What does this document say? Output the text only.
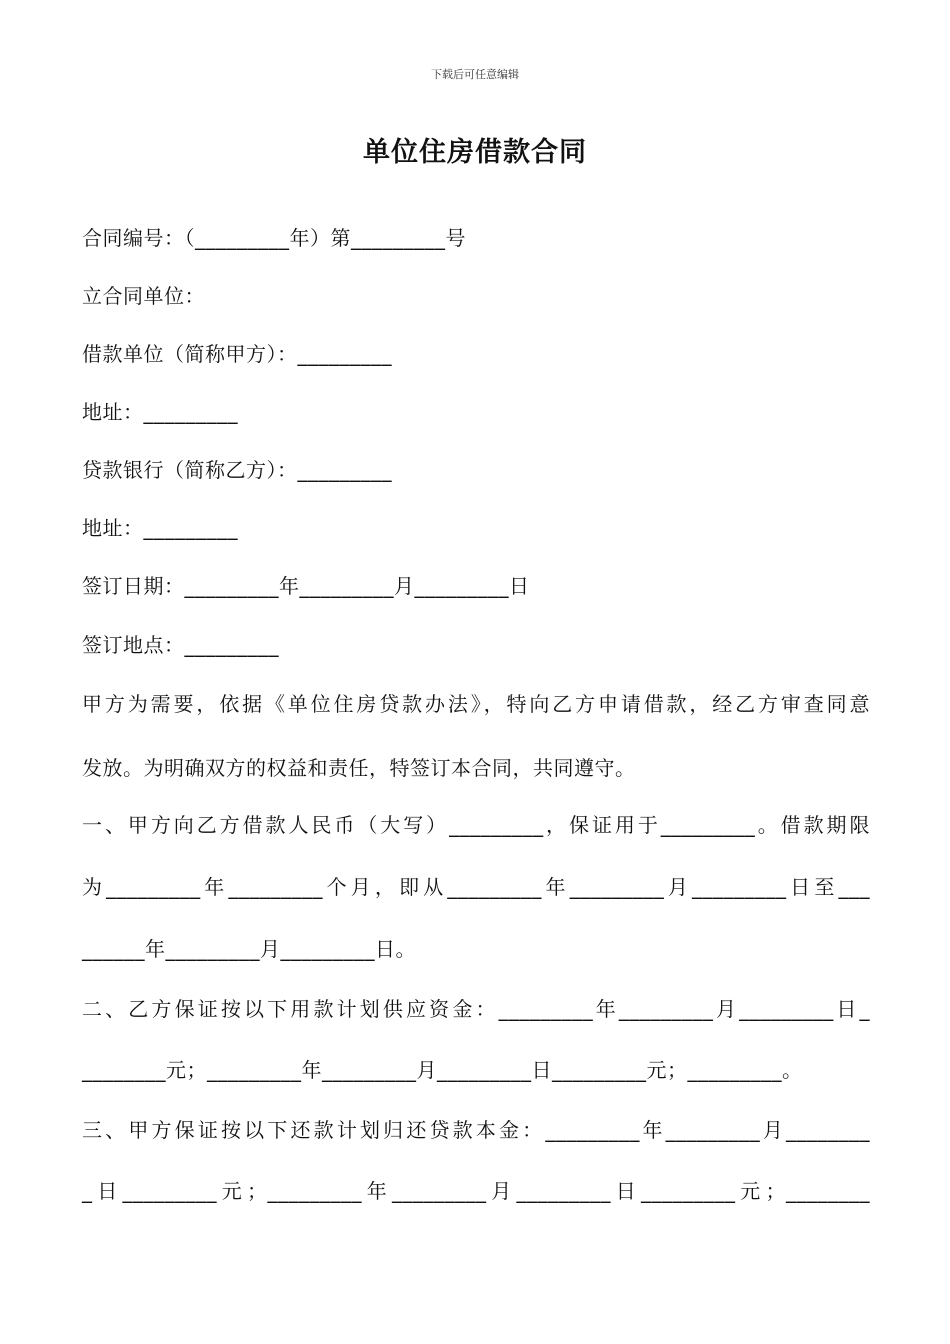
下载后可任意编辑
单位住房借款合同
合同编号：（_________年）第_________号
立合同单位：
借款单位（简称甲方）：_________
地址：_________
贷款银行（简称乙方）：_________
地址：_________
签订日期：_________年_________月_________日
签订地点：_________
甲方为需要，依据《单位住房贷款办法》，特向乙方申请借款，经乙方审查同意
发放。为明确双方的权益和责任，特签订本合同，共同遵守。
一、甲方向乙方借款人民币（大写）_________，保证用于_________。借款期限
为_________年_________个月，即从_________年_________月_________日至___
______年_________月_________日。
二、乙方保证按以下用款计划供应资金：_________年_________月_________日_
________元；_________年_________月_________日_________元；_________。
三、甲方保证按以下还款计划归还贷款本金：_________年_________月________
_日_________元；_________年_________月_________日_________元；________
